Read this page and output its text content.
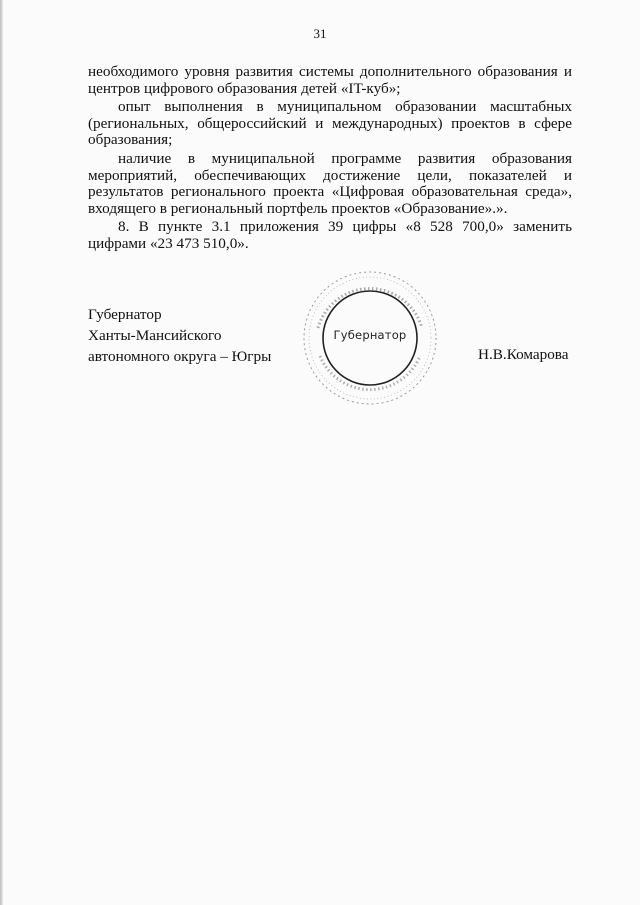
31

необходимого уровня развития системы дополнительного образования и центров цифрового образования детей «IT-куб»;

опыт выполнения в муниципальном образовании масштабных (региональных, общероссийский и международных) проектов в сфере образования;

наличие в муниципальной программе развития образования мероприятий, обеспечивающих достижение цели, показателей и результатов регионального проекта «Цифровая образовательная среда», входящего в региональный портфель проектов «Образование».».

8. В пункте 3.1 приложения 39 цифры «8 528 700,0» заменить цифрами «23 473 510,0».

Губернатор
Ханты-Мансийского
автономного округа – Югры
Губернатор
Н.В.Комарова
